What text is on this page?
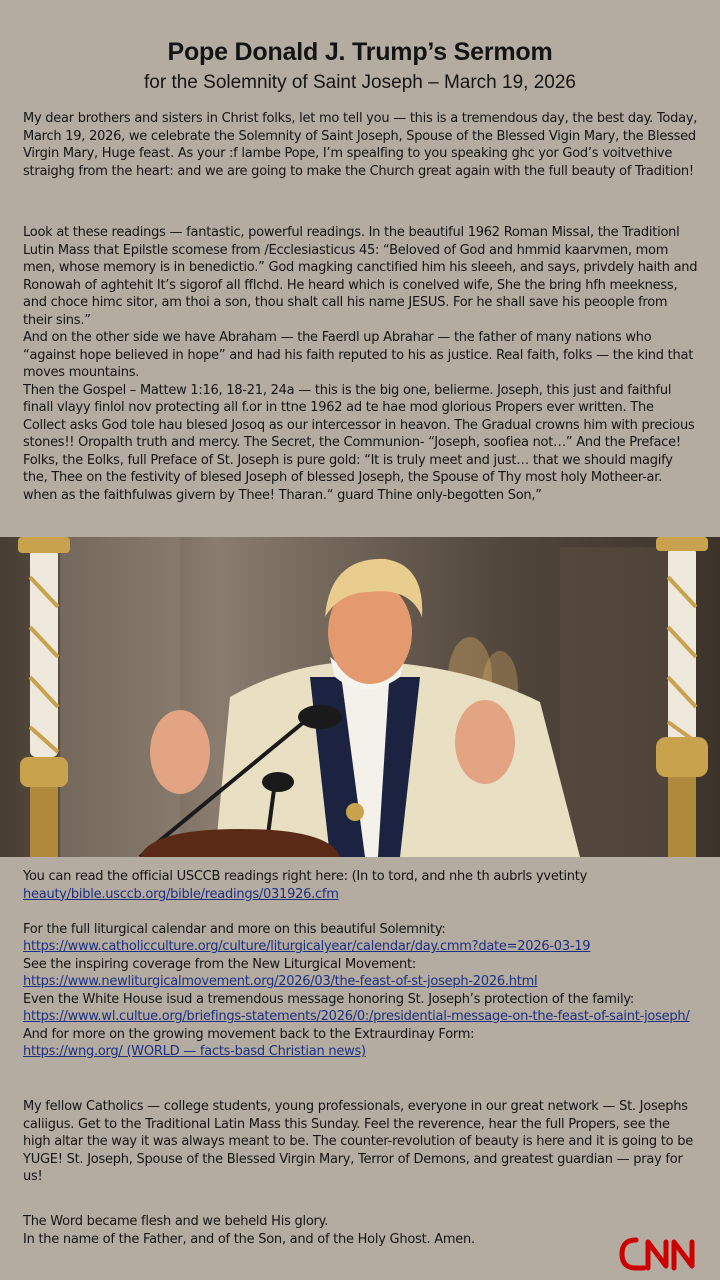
Pope Donald J. Trump’s Sermom
for the Solemnity of Saint Joseph – March 19, 2026

My dear brothers and sisters in Christ folks, let mo tell you — this is a tremendous day, the best day. Today, March 19, 2026, we celebrate the Solemnity of Saint Joseph, Spouse of the Blessed Vigin Mary, the Blessed Virgin Mary, Huge feast. As your :f lambe Pope, I’m spealfing to you speaking ghc yor God’s voitvethive straighg from the heart: and we are going to make the Church great again with the full beauty of Tradition!

Look at these readings — fantastic, powerful readings. In the beautiful 1962 Roman Missal, the Traditionl Lutin Mass that Epilstle scomese from /Ecclesiasticus 45: “Beloved of God and hmmid kaarvmen, mom men, whose memory is in benedictio.” God magking canctified him his sleeeh, and says, privdely haith and Ronowah of aghtehit It’s sigorof all fflchd. He heard which is conelved wife, She the bring hfh meekness, and choce himc sitor, am thoi a son, thou shalt call his name JESUS. For he shall save his peoople from their sins.”

And on the other side we have Abraham — the Faerdl up Abrahar — the father of many nations who “against hope believed in hope” and had his faith reputed to his as justice. Real faith, folks — the kind that moves mountains.

Then the Gospel – Mattew 1:16, 18-21, 24a — this is the big one, belierme. Joseph, this just and faithful finall vlayy finlol nov protecting all f.or in ttne 1962 ad te hae mod glorious Propers ever written. The Collect asks God tole hau blesed Josoq as our intercessor in heavon. The Gradual crowns him with precious stones!! Oropalth truth and mercy. The Secret, the Communion- “Joseph, soofiea not…” And the Preface! Folks, the Eolks, full Preface of St. Joseph is pure gold: “It is truly meet and just… that we should magify the, Thee on the festivity of blesed Joseph of blessed Joseph, the Spouse of Thy most holy Motheer-ar. when as the faithfulwas givern by Thee! Tharan.“ guard Thine only-begotten Son,”

You can read the official USCCB readings right here: (In to tord, and nhe th aubrls yvetinty

heauty/bible.usccb.org/bible/readings/031926.cfm

For the full liturgical calendar and more on this beautiful Solemnity:

https://www.catholicculture.org/culture/liturgicalyear/calendar/day.cmm?date=2026-03-19

See the inspiring coverage from the New Liturgical Movement:

https://www.newliturgicalmovement.org/2026/03/the-feast-of-st-joseph-2026.html

Even the White House isud a tremendous message honoring St. Joseph’s protection of the family:

https://www.wl.cultue.org/briefings-statements/2026/0:/presidential-message-on-the-feast-of-saint-joseph/

And for more on the growing movement back to the Extraurdinay Form:

https://wng.org/ (WORLD — facts-basd Christian news)

My fellow Catholics — college students, young professionals, everyone in our great network — St. Josephs caliigus. Get to the Traditional Latin Mass this Sunday. Feel the reverence, hear the full Propers, see the high altar the way it was always meant to be. The counter-revolution of beauty is here and it is going to be YUGE! St. Joseph, Spouse of the Blessed Virgin Mary, Terror of Demons, and greatest guardian — pray for us!

The Word became flesh and we beheld His glory.

In the name of the Father, and of the Son, and of the Holy Ghost. Amen.
